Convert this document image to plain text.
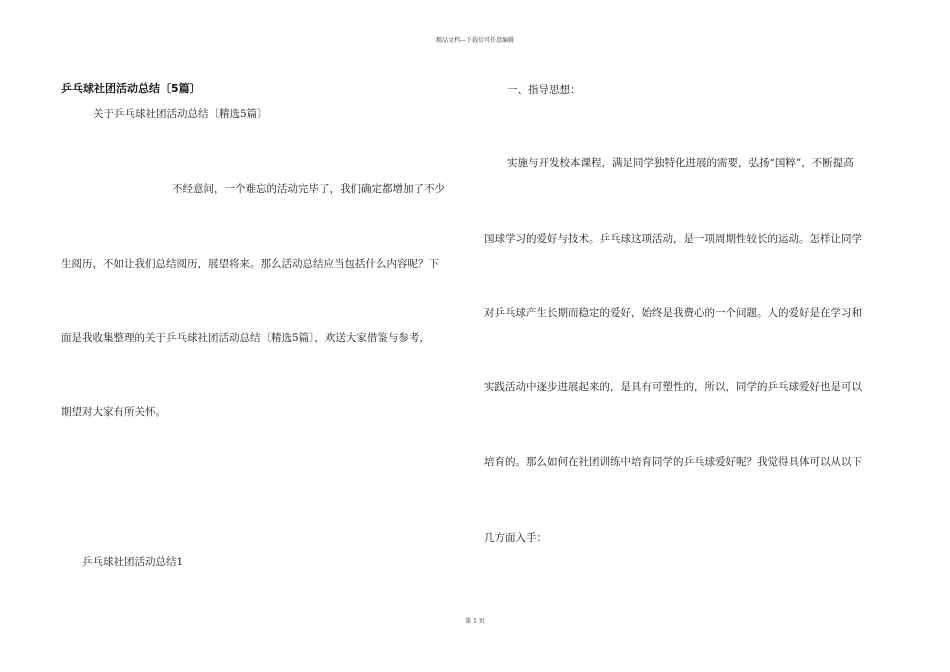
精品文档---下载后可任意编辑
乒乓球社团活动总结〔5篇〕
关于乒乓球社团活动总结〔精选5篇〕
不经意间，一个难忘的活动完毕了，我们确定都增加了不少
生阅历，不如让我们总结阅历，展望将来。那么活动总结应当包括什么内容呢？下
面是我收集整理的关于乒乓球社团活动总结〔精选5篇〕，欢送大家借鉴与参考，
期望对大家有所关怀。
乒乓球社团活动总结1
一、指导思想：
实施与开发校本课程，满足同学独特化进展的需要，弘扬“国粹”，不断提高
国球学习的爱好与技术。乒乓球这项活动，是一项周期性较长的运动。怎样让同学
对乒乓球产生长期而稳定的爱好，始终是我费心的一个问题。人的爱好是在学习和
实践活动中逐步进展起来的，是具有可塑性的，所以，同学的乒乓球爱好也是可以
培育的。那么如何在社团训练中培育同学的乒乓球爱好呢？我觉得具体可以从以下
几方面入手：
第 1 页
